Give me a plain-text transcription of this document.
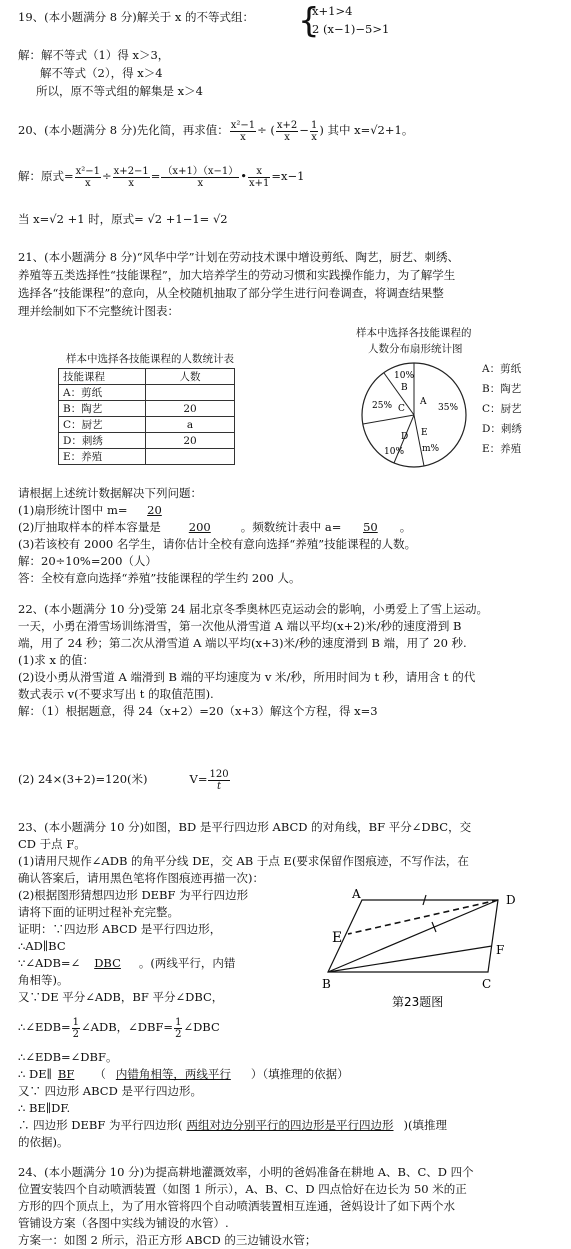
19、(本小题满分 8 分)解关于 x 的不等式组： {
x+1>4
2 (x−1)−5>1
解：解不等式（1）得 x＞3，
解不等式（2），得 x＞4
所以，原不等式组的解集是 x＞4
20、(本小题满分 8 分)先化简，再求值： $\frac{\text{x²−1}}{x}$ ÷ ( $\frac{x+2}{x} - \frac{1}{x}$ ) 其中 x=√2+1。
解：原式= $\frac{\text{x²−1}}{x} \div \frac{x+2-1}{x} = \frac{(x+1)(x-1)}{x}$ • $\frac{x}{x+1} =x-1$
当 x=√2 +1 时，原式= √2 +1−1= √2
21、(本小题满分 8 分)“风华中学”计划在劳动技术课中增设剪纸、陶艺，厨艺、刺绣、
养殖等五类选择性“技能课程”，加大培养学生的劳动习惯和实践操作能力，为了解学生
选择各“技能课程”的意向，从全校随机抽取了部分学生进行问卷调查，将调查结果整
理并绘制如下不完整统计图表：
样本中选择各技能课程的人数统计表
技能课程	人数
A：剪纸	
B：陶艺	20
C：厨艺	a
D：刺绣	20
E：养殖	
样本中选择各技能课程的
人数分布扇形统计图
10%
B
A
25% C	35%
D E
10% m%
A：剪纸
B：陶艺
C：厨艺
D：刺绣
E：养殖
请根据上述统计数据解决下列问题：
(1)扇形统计图中 m= 20
(2)厅抽取样本的样本容量是 200	。频数统计表中 a= 50 。
(3)若该校有 2000 名学生，请你估计全校有意向选择“养殖”技能课程的人数。
解：20÷10%=200（人）
答：全校有意向选择“养殖”技能课程的学生约 200 人。
22、(本小题满分 10 分)受第 24 届北京冬季奥林匹克运动会的影响，小勇爱上了雪上运动。
一天，小勇在滑雪场训练滑雪，第一次他从滑雪道 A 端以平均(x+2)米/秒的速度滑到 B
端，用了 24 秒；第二次从滑雪道 A 端以平均(x+3)米/秒的速度滑到 B 端，用了 20 秒.
(1)求 x 的值：
(2)设小勇从滑雪道 A 端滑到 B 端的平均速度为 v 米/秒，所用时间为 t 秒，请用含 t 的代
数式表示 v(不要求写出 t 的取值范围).
解：（1）根据题意，得 24（x+2）=20（x+3）解这个方程，得 x=3
(2) 24×(3+2)=120(米)	$V= \frac{120}{t}$
23、(本小题满分 10 分)如图，BD 是平行四边形 ABCD 的对角线，BF 平分∠DBC，交
CD 于点 F。
(1)请用尺规作∠ADB 的角平分线 DE，交 AB 于点 E(要求保留作图痕迹，不写作法，在
确认答案后，请用黑色笔将作图痕迹再描一次)：
(2)根据图形猜想四边形 DEBF 为平行四边形
请将下面的证明过程补充完整。
证明：∵四边形 ABCD 是平行四边形，
∴AD∥BC
∵∠ADB=∠ DBC 。(两线平行，内错
角相等)。
又∵DE 平分∠ADB，BF 平分∠DBC，
∴∠EDB= $\frac{1}{2}$ ∠ADB，∠DBF= $\frac{1}{2}$ ∠DBC
∴∠EDB=∠DBF。
∴ DE∥ BF （ 内错角相等，两线平行 ）（填推理的依据）
又∵ 四边形 ABCD 是平行四边形。
∴ BE∥DF.
∴ 四边形 DEBF 为平行四边形( 两组对边分别平行的四边形是平行四边形 )(填推理
的依据)。
A	D
E
F
B	C
第23题图
24、(本小题满分 10 分)为提高耕地灌溉效率，小明的爸妈准备在耕地 A、B、C、D 四个
位置安装四个自动喷洒装置（如图 1 所示），A、B、C、D 四点恰好在边长为 50 米的正
方形的四个顶点上，为了用水管将四个自动喷洒装置相互连通，爸妈设计了如下两个水
管铺设方案（各图中实线为铺设的水管）.
方案一：如图 2 所示，沿正方形 ABCD 的三边铺设水管；
